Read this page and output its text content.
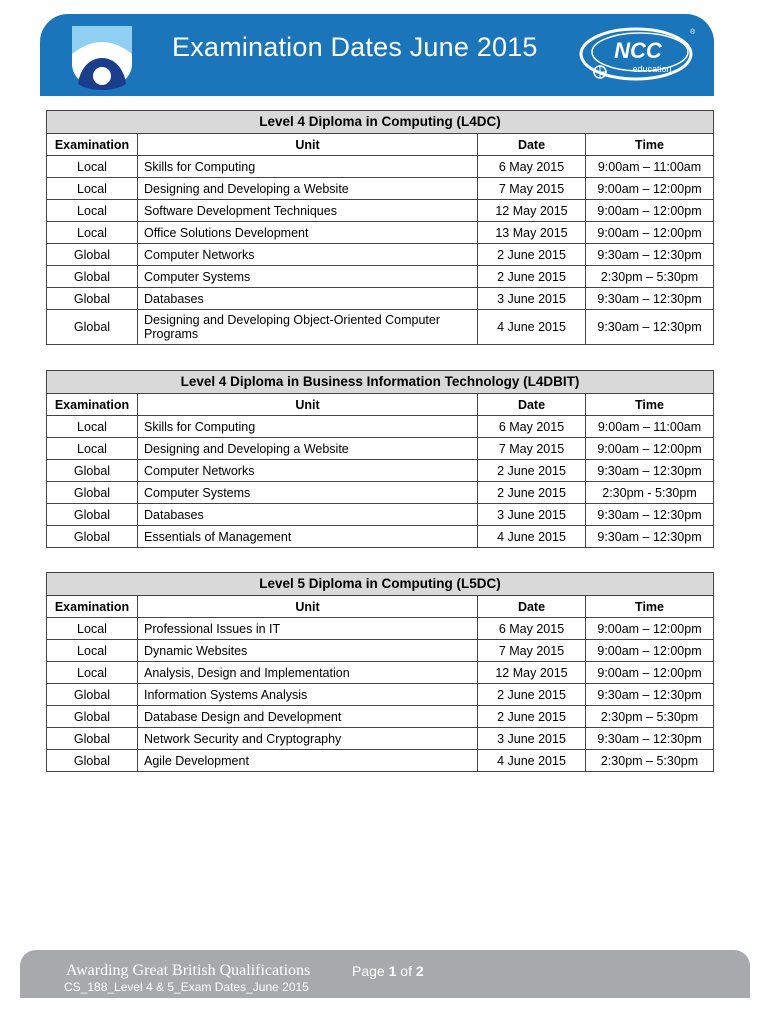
Examination Dates June 2015	NCC
education
®
Level 4 Diploma in Computing (L4DC)			
Examination	Unit	Date	Time
Local	Skills for Computing	6 May 2015	9:00am – 11:00am
Local	Designing and Developing a Website	7 May 2015	9:00am – 12:00pm
Local	Software Development Techniques	12 May 2015	9:00am – 12:00pm
Local	Office Solutions Development	13 May 2015	9:00am – 12:00pm
Global	Computer Networks	2 June 2015	9:30am – 12:30pm
Global	Computer Systems	2 June 2015	2:30pm – 5:30pm
Global	Databases	3 June 2015	9:30am – 12:30pm
Global	Designing and Developing Object-Oriented Computer Programs	4 June 2015	9:30am – 12:30pm
Level 4 Diploma in Business Information Technology (L4DBIT)			
Examination	Unit	Date	Time
Local	Skills for Computing	6 May 2015	9:00am – 11:00am
Local	Designing and Developing a Website	7 May 2015	9:00am – 12:00pm
Global	Computer Networks	2 June 2015	9:30am – 12:30pm
Global	Computer Systems	2 June 2015	2:30pm - 5:30pm
Global	Databases	3 June 2015	9:30am – 12:30pm
Global	Essentials of Management	4 June 2015	9:30am – 12:30pm
Level 5 Diploma in Computing (L5DC)			
Examination	Unit	Date	Time
Local	Professional Issues in IT	6 May 2015	9:00am – 12:00pm
Local	Dynamic Websites	7 May 2015	9:00am – 12:00pm
Local	Analysis, Design and Implementation	12 May 2015	9:00am – 12:00pm
Global	Information Systems Analysis	2 June 2015	9:30am – 12:30pm
Global	Database Design and Development	2 June 2015	2:30pm – 5:30pm
Global	Network Security and Cryptography	3 June 2015	9:30am – 12:30pm
Global	Agile Development	4 June 2015	2:30pm – 5:30pm
Awarding Great British Qualifications	Page 1 of 2
CS_188_Level 4 & 5_Exam Dates_June 2015
